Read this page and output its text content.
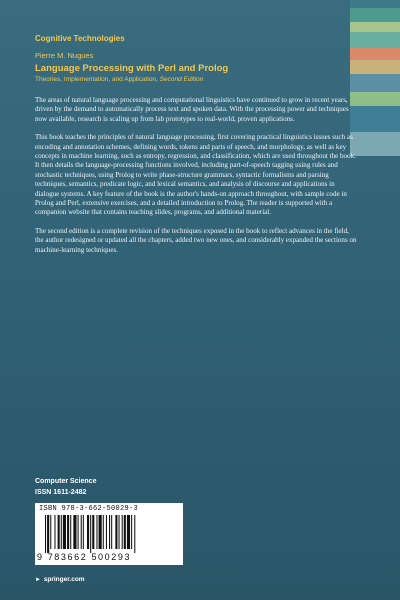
Cognitive Technologies
Pierre M. Nugues
Language Processing with Perl and Prolog
Theories, Implementation, and Application, Second Edition

The areas of natural language processing and computational linguistics have continued to grow in recent years, driven by the demand to automatically process text and spoken data. With the processing power and techniques now available, research is scaling up from lab prototypes to real-world, proven applications.

This book teaches the principles of natural language processing, first covering practical linguistics issues such as encoding and annotation schemes, defining words, tokens and parts of speech, and morphology, as well as key concepts in machine learning, such as entropy, regression, and classification, which are used throughout the book. It then details the language-processing functions involved, including part-of-speech tagging using rules and stochastic techniques, using Prolog to write phase-structure grammars, syntactic formalisms and parsing techniques, semantics, predicate logic, and lexical semantics, and analysis of discourse and applications in dialogue systems. A key feature of the book is the author's hands-on approach throughout, with sample code in Prolog and Perl, extensive exercises, and a detailed introduction to Prolog. The reader is supported with a companion website that contains teaching slides, programs, and additional material.

The second edition is a complete revision of the techniques exposed in the book to reflect advances in the field, the author redesigned or updated all the chapters, added two new ones, and considerably expanded the sections on machine-learning techniques.

Computer Science
ISSN 1611-2482
ISBN 978-3-662-50029-3
9 783662 500293
► springer.com
